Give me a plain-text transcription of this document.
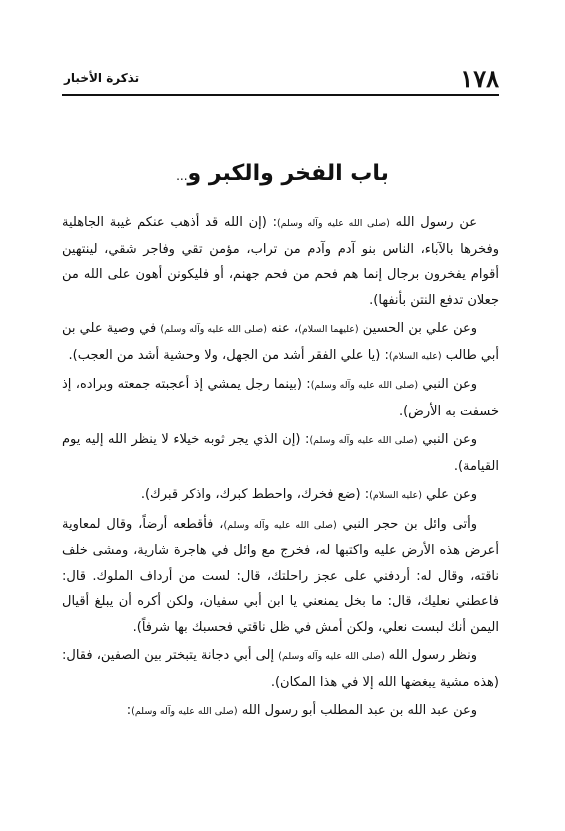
١٧٨
تذكرة الأخبار
باب الفخر والكبر و...

عن رسول الله (صلى الله عليه وآله وسلم): (إن الله قد أذهب عنكم غيبة الجاهلية وفخرها بالآباء، الناس بنو آدم وآدم من تراب، مؤمن تقي وفاجر شقي، لينتهين أقوام يفخرون برجال إنما هم فحم من فحم جهنم، أو فليكونن أهون على الله من جعلان تدفع النتن بأنفها).

وعن علي بن الحسين (عليهما السلام)، عنه (صلى الله عليه وآله وسلم) في وصية علي بن أبي طالب (عليه السلام): (يا علي الفقر أشد من الجهل، ولا وحشية أشد من العجب).

وعن النبي (صلى الله عليه وآله وسلم): (بينما رجل يمشي إذ أعجبته جمعته وبراده، إذ خسفت به الأرض).

وعن النبي (صلى الله عليه وآله وسلم): (إن الذي يجر ثوبه خيلاء لا ينظر الله إليه يوم القيامة).

وعن علي (عليه السلام): (ضع فخرك، واحطط كبرك، واذكر قبرك).

وأتى وائل بن حجر النبي (صلى الله عليه وآله وسلم)، فأقطعه أرضاً، وقال لمعاوية أعرض هذه الأرض عليه واكتبها له، فخرج مع وائل في هاجرة شارية، ومشى خلف ناقته، وقال له: أردفني على عجز راحلتك، قال: لست من أرداف الملوك. قال: فاعطني نعليك، قال: ما بخل يمنعني يا ابن أبي سفيان، ولكن أكره أن يبلغ أقيال اليمن أنك لبست نعلي، ولكن أمش في ظل ناقتي فحسبك بها شرفاً).

ونظر رسول الله (صلى الله عليه وآله وسلم) إلى أبي دجانة يتبختر بين الصفين، فقال: (هذه مشية يبغضها الله إلا في هذا المكان).

وعن عبد الله بن عبد المطلب أبو رسول الله (صلى الله عليه وآله وسلم):
